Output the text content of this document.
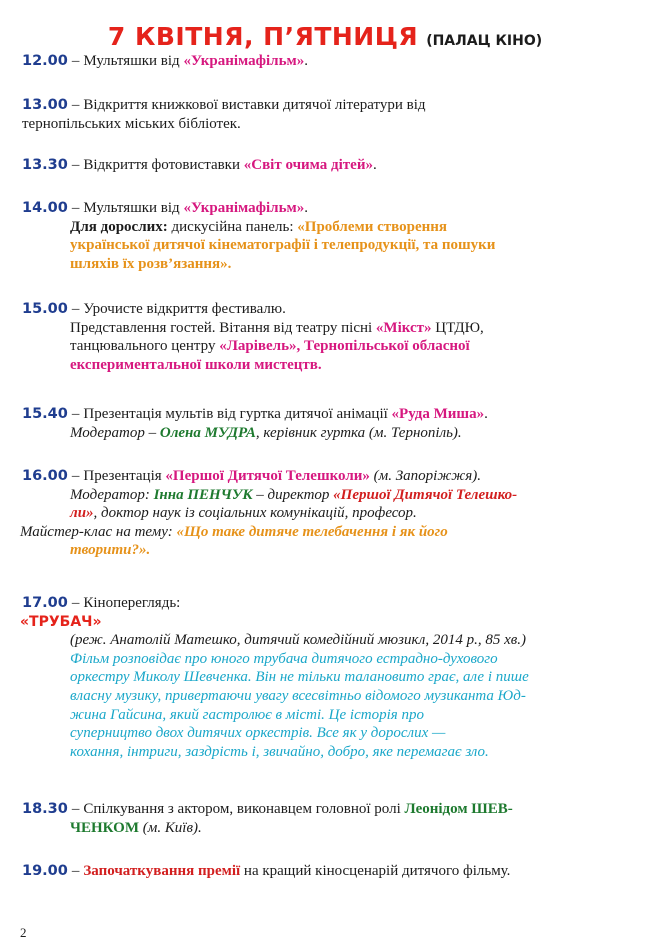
7 КВІТНЯ, П’ЯТНИЦЯ (ПАЛАЦ КІНО)
12.00 – Мультяшки від «Укранімафільм».
13.00 – Відкриття книжкової виставки дитячої літератури від
тернопільських міських бібліотек.
13.30 – Відкриття фотовиставки «Світ очима дітей».
14.00 – Мультяшки від «Укранімафільм».
Для дорослих: дискусійна панель: «Проблеми створення
української дитячої кінематографії і телепродукції, та пошуки
шляхів їх розв’язання».
15.00 – Урочисте відкриття фестивалю.
Представлення гостей. Вітання від театру пісні «Мікст» ЦТДЮ,
танцювального центру «Ларівель», Тернопільської обласної
експериментальної школи мистецтв.
15.40 – Презентація мультів від гуртка дитячої анімації «Руда Миша».
Модератор – Олена МУДРА, керівник гуртка (м. Тернопіль).
16.00 – Презентація «Першої Дитячої Телешколи» (м. Запоріжжя).
Модератор: Інна ПЕНЧУК – директор «Першої Дитячої Телешко-
ли», доктор наук із соціальних комунікацій, професор.
Майстер-клас на тему: «Що таке дитяче телебачення і як його
творити?».
17.00 – Кінопереглядь:
«ТРУБАЧ»
(реж. Анатолій Матешко, дитячий комедійний мюзикл, 2014 р., 85 хв.)
Фільм розповідає про юного трубача дитячого естрадно-духового
оркестру Миколу Шевченка. Він не тільки талановито грає, але і пише
власну музику, привертаючи увагу всесвітньо відомого музиканта Юд-
жина Гайсина, який гастролює в місті. Це історія про
суперництво двох дитячих оркестрів. Все як у дорослих —
кохання, інтриги, заздрість і, звичайно, добро, яке перемагає зло.
18.30 – Спілкування з актором, виконавцем головної ролі Леонідом ШЕВ-
ЧЕНКОМ (м. Київ).
19.00 – Започаткування премії на кращий кіносценарій дитячого фільму.
2
